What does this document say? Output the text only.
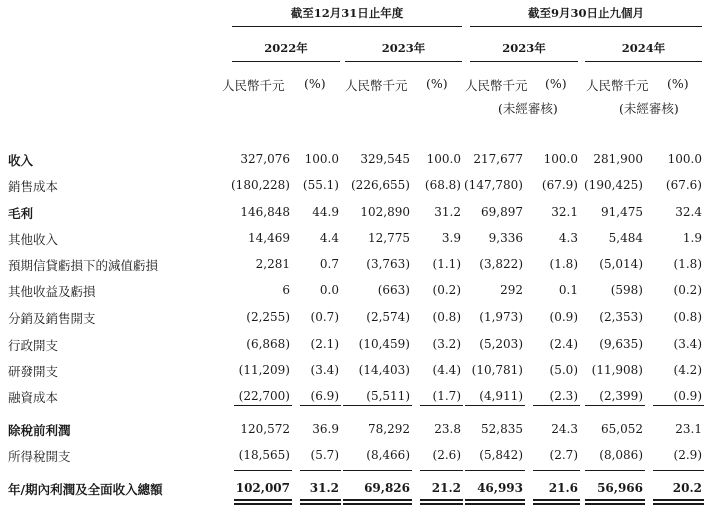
截至12月31日止年度	截至9月30日止九個月
2022年	2023年	2023年	2024年
人民幣千元 (%) 人民幣千元 (%) 人民幣千元 (%) 人民幣千元 (%)
(未經審核)	(未經審核)
收入	327,076	100.0	329,545	100.0	217,677	100.0	281,900	100.0
銷售成本	(180,228)	(55.1)	(226,655)	(68.8) (147,780)	(67.9) (190,425)	(67.6)
毛利	146,848	44.9	102,890	31.2	69,897	32.1	91,475	32.4
其他收入	14,469	4.4	12,775	3.9	9,336	4.3	5,484	1.9
預期信貸虧損下的減值虧損	2,281	0.7	(3,763)	(1.1)	(3,822)	(1.8)	(5,014)	(1.8)
其他收益及虧損	6	0.0	(663)	(0.2)	292	0.1	(598)	(0.2)
分銷及銷售開支	(2,255)	(0.7)	(2,574)	(0.8)	(1,973)	(0.9)	(2,353)	(0.8)
行政開支	(6,868)	(2.1)	(10,459)	(3.2)	(5,203)	(2.4)	(9,635)	(3.4)
研發開支	(11,209)	(3.4)	(14,403)	(4.4) (10,781)	(5.0)	(11,908)	(4.2)
融資成本	(22,700)	(6.9)	(5,511)	(1.7)	(4,911)	(2.3)	(2,399)	(0.9)
除稅前利潤	120,572	36.9	78,292	23.8	52,835	24.3	65,052	23.1
所得稅開支	(18,565)	(5.7)	(8,466)	(2.6)	(5,842)	(2.7)	(8,086)	(2.9)
年/期內利潤及全面收入總額	102,007	31.2	69,826	21.2	46,993	21.6	56,966	20.2
